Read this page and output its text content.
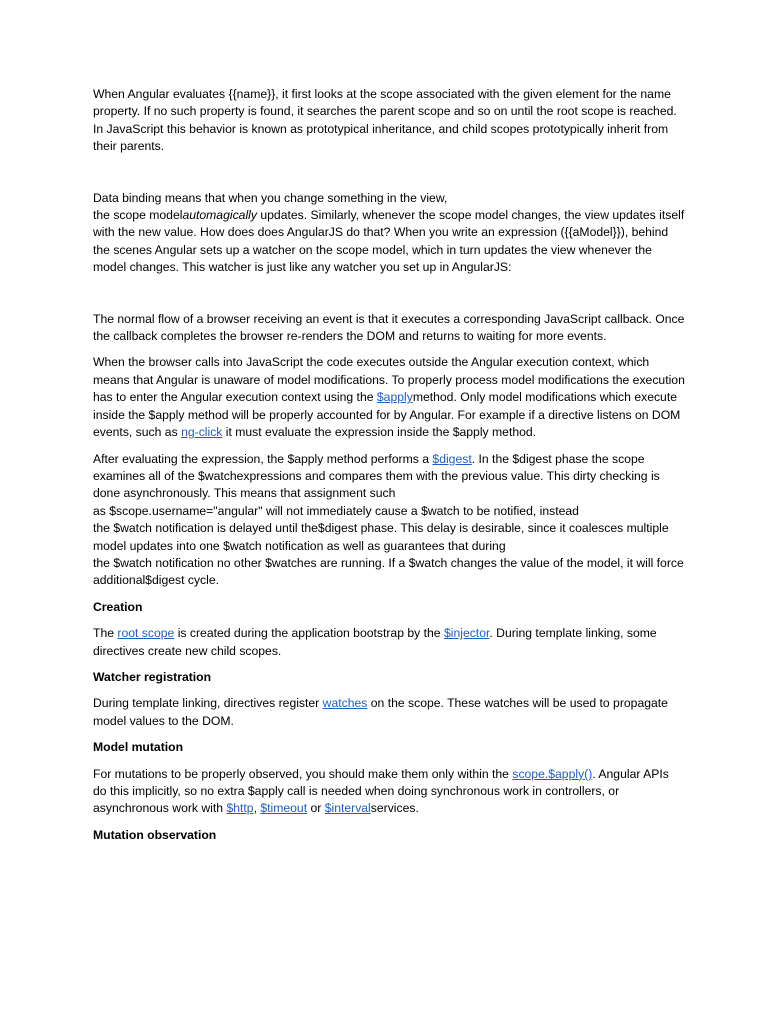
When Angular evaluates {{name}}, it first looks at the scope associated with the given element for the name property. If no such property is found, it searches the parent scope and so on until the root scope is reached. In JavaScript this behavior is known as prototypical inheritance, and child scopes prototypically inherit from their parents.

Data binding means that when you change something in the view,
the scope modelautomagically updates. Similarly, whenever the scope model changes, the view updates itself with the new value. How does does AngularJS do that? When you write an expression ({{aModel}}), behind the scenes Angular sets up a watcher on the scope model, which in turn updates the view whenever the model changes. This watcher is just like any watcher you set up in AngularJS:

The normal flow of a browser receiving an event is that it executes a corresponding JavaScript callback. Once the callback completes the browser re-renders the DOM and returns to waiting for more events.

When the browser calls into JavaScript the code executes outside the Angular execution context, which means that Angular is unaware of model modifications. To properly process model modifications the execution has to enter the Angular execution context using the $applymethod. Only model modifications which execute inside the $apply method will be properly accounted for by Angular. For example if a directive listens on DOM events, such as ng-click it must evaluate the expression inside the $apply method.

After evaluating the expression, the $apply method performs a $digest. In the $digest phase the scope examines all of the $watchexpressions and compares them with the previous value. This dirty checking is done asynchronously. This means that assignment such
as $scope.username="angular" will not immediately cause a $watch to be notified, instead
the $watch notification is delayed until the$digest phase. This delay is desirable, since it coalesces multiple model updates into one $watch notification as well as guarantees that during
the $watch notification no other $watches are running. If a $watch changes the value of the model, it will force additional$digest cycle.

Creation

The root scope is created during the application bootstrap by the $injector. During template linking, some directives create new child scopes.

Watcher registration

During template linking, directives register watches on the scope. These watches will be used to propagate model values to the DOM.

Model mutation

For mutations to be properly observed, you should make them only within the scope.$apply(). Angular APIs do this implicitly, so no extra $apply call is needed when doing synchronous work in controllers, or asynchronous work with $http, $timeout or $intervalservices.

Mutation observation
